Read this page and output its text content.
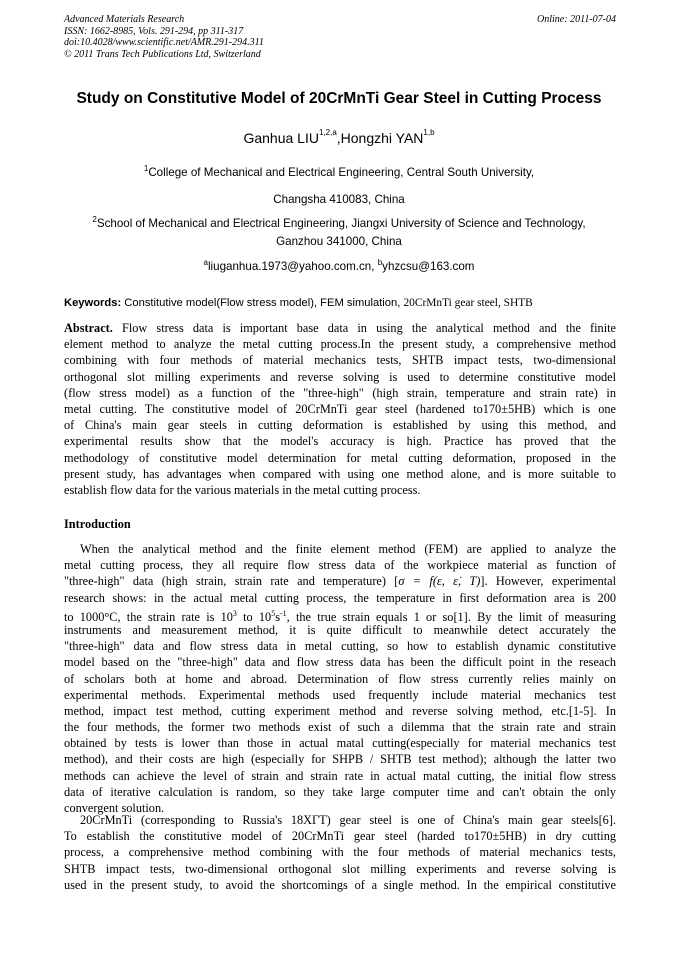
Advanced Materials Research
ISSN: 1662-8985, Vols. 291-294, pp 311-317
doi:10.4028/www.scientific.net/AMR.291-294.311
© 2011 Trans Tech Publications Ltd, Switzerland
Online: 2011-07-04
Study on Constitutive Model of 20CrMnTi Gear Steel in Cutting Process
Ganhua LIU$^{1,2,a}$,Hongzhi YAN$^{1,b}$
$^1$College of Mechanical and Electrical Engineering, Central South University,
Changsha 410083, China
$^2$School of Mechanical and Electrical Engineering, Jiangxi University of Science and Technology,
Ganzhou 341000, China
$^a$liuganhua.1973@yahoo.com.cn, $^b$yhzcsu@163.com
Keywords: Constitutive model(Flow stress model), FEM simulation, 20CrMnTi gear steel, SHTB
Abstract. Flow stress data is important base data in using the analytical method and the finite
element method to analyze the metal cutting process.In the present study, a comprehensive method
combining with four methods of material mechanics tests, SHTB impact tests, two-dimensional
orthogonal slot milling experiments and reverse solving is used to determine constitutive model
(flow stress model) as a function of the "three-high" (high strain, temperature and strain rate) in
metal cutting. The constitutive model of 20CrMnTi gear steel (hardened to170±5HB) which is one
of China's main gear steels in cutting deformation is established by using this method, and
experimental results show that the model's accuracy is high. Practice has proved that the
methodology of constitutive model determination for metal cutting deformation, proposed in the
present study, has advantages when compared with using one method alone, and is more suitable to
establish flow data for the various materials in the metal cutting process.
Introduction
When the analytical method and the finite element method (FEM) are applied to analyze the
metal cutting process, they all require flow stress data of the workpiece material as function of
"three-high" data (high strain, strain rate and temperature) [σ = f(ε, ε̇, T)]. However, experimental
research shows: in the actual metal cutting process, the temperature in first deformation area is 200
to 1000°C, the strain rate is $10^3$ to $10^5s^{-1}$, the true strain equals 1 or so[1]. By the limit of measuring
instruments and measurement method, it is quite difficult to meanwhile detect accurately the
"three-high" data and flow stress data in metal cutting, so how to establish dynamic constitutive
model based on the "three-high" data and flow stress data has been the difficult point in the reseach
of scholars both at home and abroad. Determination of flow stress currently relies mainly on
experimental methods. Experimental methods used frequently include material mechanics test
method, impact test method, cutting experiment method and reverse solving method, etc.[1-5]. In
the four methods, the former two methods exist of such a dilemma that the strain rate and strain
obtained by tests is lower than those in actual matal cutting(especially for material mechanics test
method), and their costs are high (especially for SHPB / SHTB test method); although the latter two
methods can achieve the level of strain and strain rate in actual matal cutting, the initial flow stress
data of iterative calculation is random, so they take large computer time and can't obtain the only
convergent solution.
20CrMnTi (corresponding to Russia's 18XГТ) gear steel is one of China's main gear steels[6].
To establish the constitutive model of 20CrMnTi gear steel (harded to170±5HB) in dry cutting
process, a comprehensive method combining with the four methods of material mechanics tests,
SHTB impact tests, two-dimensional orthogonal slot milling experiments and reverse solving is
used in the present study, to avoid the shortcomings of a single method. In the empirical constitutive
